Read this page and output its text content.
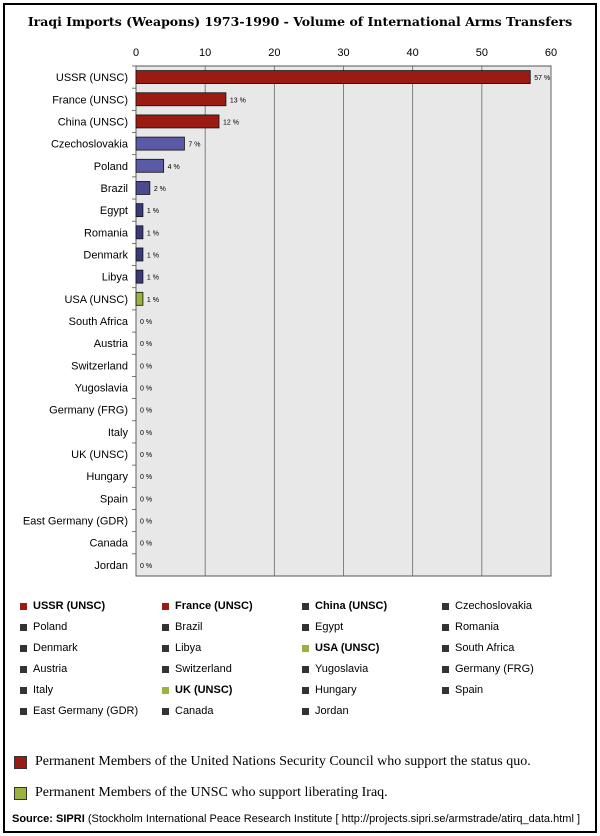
Iraqi Imports (Weapons) 1973-1990 - Volume of International Arms Transfers
0	10	20	30	40	50	60
USSR (UNSC)	57 %
France (UNSC)	13 %
China (UNSC)	12 %
Czechoslovakia	7 %
Poland	4 %
Brazil	2 %
Egypt	1 %
Romania	1 %
Denmark	1 %
Libya	1 %
USA (UNSC)	1 %
South Africa 0 %
Austria 0 %
Switzerland 0 %
Yugoslavia 0 %
Germany (FRG) 0 %
Italy 0 %
UK (UNSC) 0 %
Hungary 0 %
Spain 0 %
East Germany (GDR) 0 %
Canada 0 %
Jordan 0 %
USSR (UNSC)	France (UNSC)	China (UNSC)	Czechoslovakia
Poland	Brazil	Egypt	Romania
Denmark	Libya	USA (UNSC)	South Africa
Austria	Switzerland	Yugoslavia	Germany (FRG)
Italy	UK (UNSC)	Hungary	Spain
East Germany (GDR)	Canada	Jordan
Permanent Members of the United Nations Security Council who support the status quo.
Permanent Members of the UNSC who support liberating Iraq.
Source: SIPRI (Stockholm International Peace Research Institute [ http://projects.sipri.se/armstrade/atirq_data.html ]
